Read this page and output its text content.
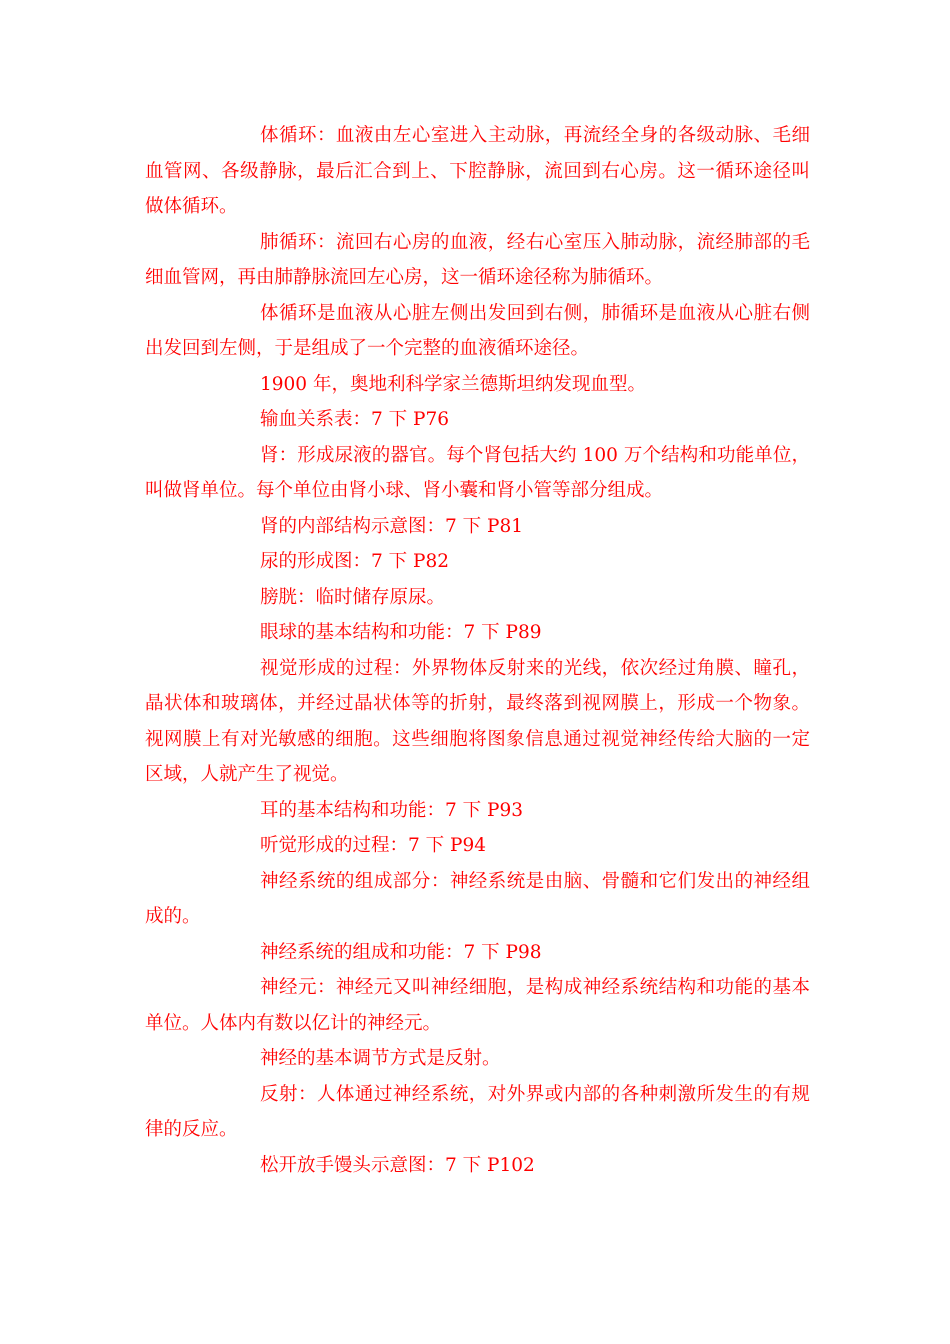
体循环：血液由左心室进入主动脉，再流经全身的各级动脉、毛细血管网、各级静脉，最后汇合到上、下腔静脉，流回到右心房。这一循环途径叫做体循环。

肺循环：流回右心房的血液，经右心室压入肺动脉，流经肺部的毛细血管网，再由肺静脉流回左心房，这一循环途径称为肺循环。

体循环是血液从心脏左侧出发回到右侧，肺循环是血液从心脏右侧出发回到左侧，于是组成了一个完整的血液循环途径。

1900 年，奥地利科学家兰德斯坦纳发现血型。

输血关系表：7 下 P76

肾：形成尿液的器官。每个肾包括大约 100 万个结构和功能单位，叫做肾单位。每个单位由肾小球、肾小囊和肾小管等部分组成。

肾的内部结构示意图：7 下 P81

尿的形成图：7 下 P82

膀胱：临时储存原尿。

眼球的基本结构和功能：7 下 P89

视觉形成的过程：外界物体反射来的光线，依次经过角膜、瞳孔，晶状体和玻璃体，并经过晶状体等的折射，最终落到视网膜上，形成一个物象。视网膜上有对光敏感的细胞。这些细胞将图象信息通过视觉神经传给大脑的一定区域，人就产生了视觉。

耳的基本结构和功能：7 下 P93

听觉形成的过程：7 下 P94

神经系统的组成部分：神经系统是由脑、骨髓和它们发出的神经组成的。

神经系统的组成和功能：7 下 P98

神经元：神经元又叫神经细胞，是构成神经系统结构和功能的基本单位。人体内有数以亿计的神经元。

神经的基本调节方式是反射。

反射：人体通过神经系统，对外界或内部的各种刺激所发生的有规律的反应。

松开放手馒头示意图：7 下 P102
